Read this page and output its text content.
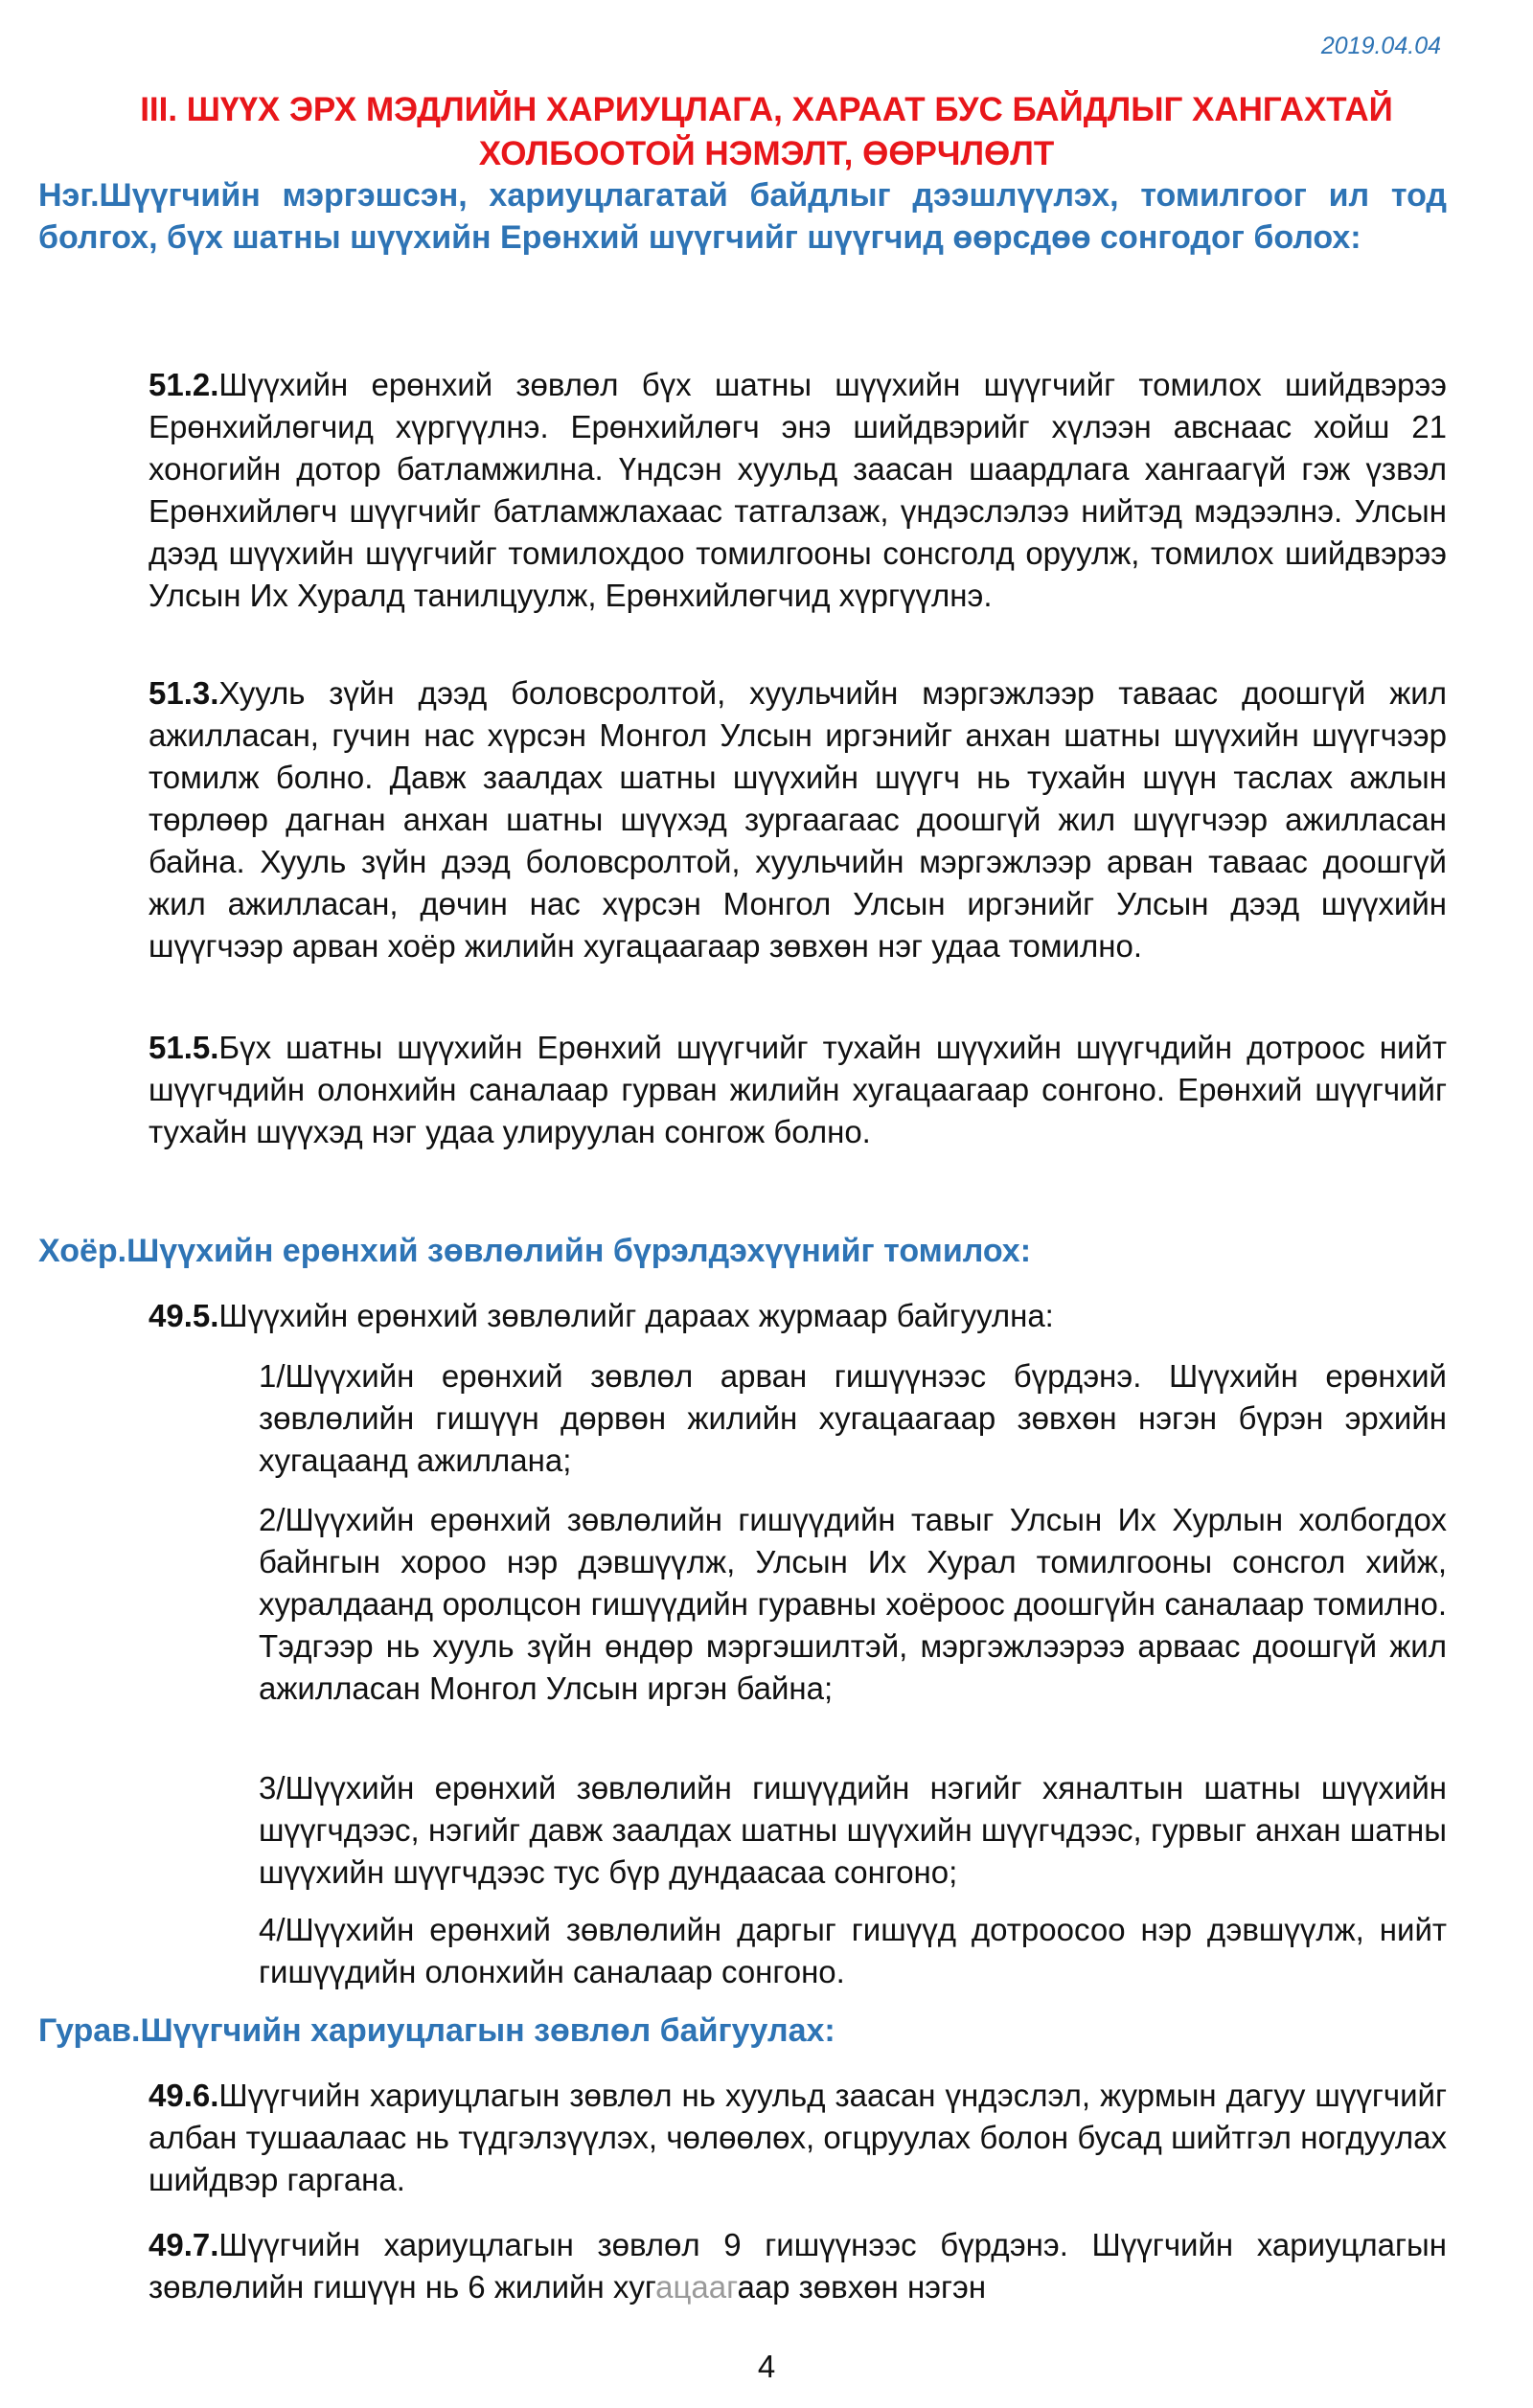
2019.04.04
III. ШҮҮХ ЭРХ МЭДЛИЙН ХАРИУЦЛАГА, ХАРААТ БУС БАЙДЛЫГ ХАНГАХТАЙ
ХОЛБООТОЙ НЭМЭЛТ, ӨӨРЧЛӨЛТ
Нэг.Шүүгчийн мэргэшсэн, хариуцлагатай байдлыг дээшлүүлэх, томилгоог ил тод болгох, бүх шатны шүүхийн Ерөнхий шүүгчийг шүүгчид өөрсдөө сонгодог болох:
51.2.Шүүхийн ерөнхий зөвлөл бүх шатны шүүхийн шүүгчийг томилох шийдвэрээ Ерөнхийлөгчид хүргүүлнэ. Ерөнхийлөгч энэ шийдвэрийг хүлээн авснаас хойш 21 хоногийн дотор батламжилна. Үндсэн хуульд заасан шаардлага хангаагүй гэж үзвэл Ерөнхийлөгч шүүгчийг батламжлахаас татгалзаж, үндэслэлээ нийтэд мэдээлнэ. Улсын дээд шүүхийн шүүгчийг томилохдоо томилгооны сонсголд оруулж, томилох шийдвэрээ Улсын Их Хуралд танилцуулж, Ерөнхийлөгчид хүргүүлнэ.
51.3.Хууль зүйн дээд боловсролтой, хуульчийн мэргэжлээр тавaас доошгүй жил ажилласан, гучин нас хүрсэн Монгол Улсын иргэнийг анхан шатны шүүхийн шүүгчээр томилж болно. Давж заалдах шатны шүүхийн шүүгч нь тухайн шүүн таслах ажлын төрлөөр дагнан анхан шатны шүүхэд зургаагаас доошгүй жил шүүгчээр ажилласан байна. Хууль зүйн дээд боловсролтой, хуульчийн мэргэжлээр арван тавaас доошгүй жил ажилласан, дөчин нас хүрсэн Монгол Улсын иргэнийг Улсын дээд шүүхийн шүүгчээр арван хоёр жилийн хугацаагаар зөвхөн нэг удаа томилно.
51.5.Бүх шатны шүүхийн Ерөнхий шүүгчийг тухайн шүүхийн шүүгчдийн дотроос нийт шүүгчдийн олонхийн саналаар гурван жилийн хугацаагаар сонгоно. Ерөнхий шүүгчийг тухайн шүүхэд нэг удаа улируулан сонгож болно.
Хоёр.Шүүхийн ерөнхий зөвлөлийн бүрэлдэхүүнийг томилох:
49.5.Шүүхийн ерөнхий зөвлөлийг дараах журмаар байгуулна:
1/Шүүхийн ерөнхий зөвлөл арван гишүүнээс бүрдэнэ. Шүүхийн ерөнхий зөвлөлийн гишүүн дөрвөн жилийн хугацаагаар зөвхөн нэгэн бүрэн эрхийн хугацаанд ажиллана;
2/Шүүхийн ерөнхий зөвлөлийн гишүүдийн тавыг Улсын Их Хурлын холбогдох байнгын хороо нэр дэвшүүлж, Улсын Их Хурал томилгооны сонсгол хийж, хуралдаанд оролцсон гишүүдийн гуравны хоёроос доошгүйн саналаар томилно. Тэдгээр нь хууль зүйн өндөр мэргэшилтэй, мэргэжлээрээ арваас доошгүй жил ажилласан Монгол Улсын иргэн байна;
3/Шүүхийн ерөнхий зөвлөлийн гишүүдийн нэгийг хяналтын шатны шүүхийн шүүгчдээс, нэгийг давж заалдах шатны шүүхийн шүүгчдээс, гурвыг анхан шатны шүүхийн шүүгчдээс тус бүр дундаасаа сонгоно;
4/Шүүхийн ерөнхий зөвлөлийн даргыг гишүүд дотроосоо нэр дэвшүүлж, нийт гишүүдийн олонхийн саналаар сонгоно.
Гурав.Шүүгчийн хариуцлагын зөвлөл байгуулах:
49.6.Шүүгчийн хариуцлагын зөвлөл нь хуульд заасан үндэслэл, журмын дагуу шүүгчийг албан тушаалаас нь түдгэлзүүлэх, чөлөөлөх, огцруулах болон бусад шийтгэл ногдуулах шийдвэр гаргана.
49.7.Шүүгчийн хариуцлагын зөвлөл 9 гишүүнээс бүрдэнэ. Шүүгчийн хариуцлагын зөвлөлийн гишүүн нь 6 жилийн хугацаагаар зөвхөн нэгэн
4
